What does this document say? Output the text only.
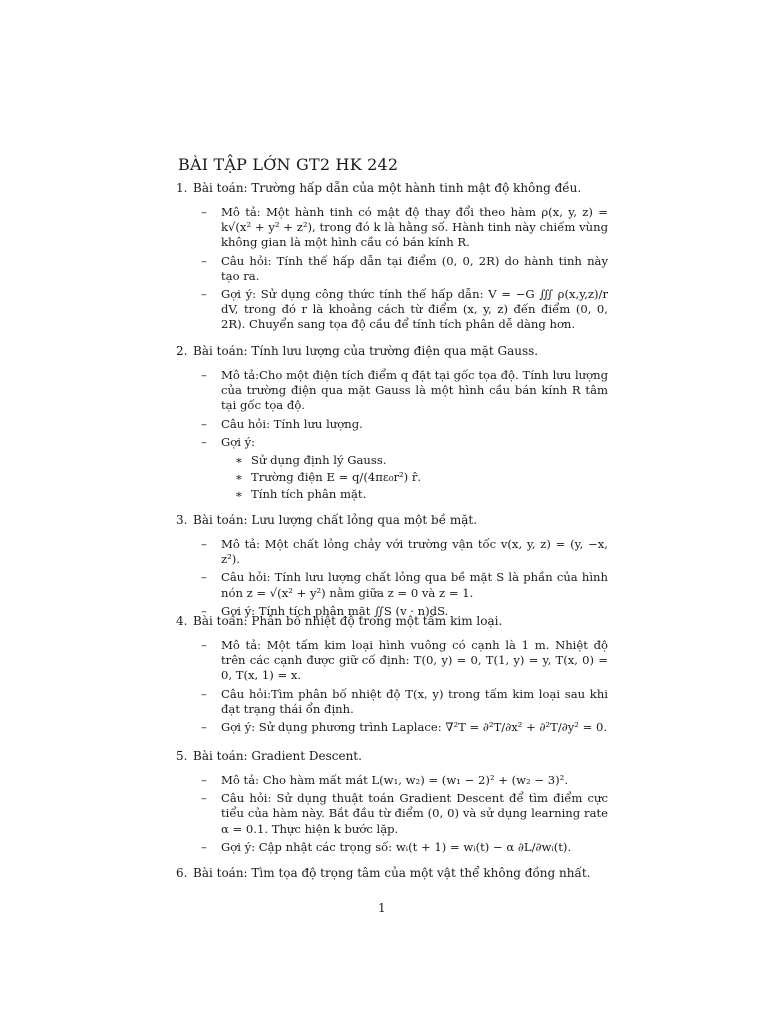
BÀI TẬP LỚN GT2 HK 242
1. Bài toán: Trường hấp dẫn của một hành tinh mật độ không đều.
– Mô tả: Một hành tinh có mật độ thay đổi theo hàm ρ(x, y, z) = k√(x² + y² + z²), trong đó k là hằng số. Hành tinh này chiếm vùng không gian là một hình cầu có bán kính R.
– Câu hỏi: Tính thế hấp dẫn tại điểm (0, 0, 2R) do hành tinh này tạo ra.
– Gợi ý: Sử dụng công thức tính thế hấp dẫn: V = −G ∭ ρ(x,y,z)/r dV, trong đó r là khoảng cách từ điểm (x, y, z) đến điểm (0, 0, 2R). Chuyển sang tọa độ cầu để tính tích phân dễ dàng hơn.
2. Bài toán: Tính lưu lượng của trường điện qua mặt Gauss.
– Mô tả:Cho một điện tích điểm q đặt tại gốc tọa độ. Tính lưu lượng của trường điện qua mặt Gauss là một hình cầu bán kính R tâm tại gốc tọa độ.
– Câu hỏi: Tính lưu lượng.
– Gợi ý:
∗ Sử dụng định lý Gauss.
∗ Trường điện E = q/(4πε₀r²) r̂.
∗ Tính tích phân mặt.
3. Bài toán: Lưu lượng chất lỏng qua một bề mặt.
– Mô tả: Một chất lỏng chảy với trường vận tốc v(x, y, z) = (y, −x, z²).
– Câu hỏi: Tính lưu lượng chất lỏng qua bề mặt S là phần của hình nón z = √(x² + y²) nằm giữa z = 0 và z = 1.
– Gợi ý: Tính tích phân mặt ∬S (v · n)dS.
4. Bài toán: Phân bố nhiệt độ trong một tấm kim loại.
– Mô tả: Một tấm kim loại hình vuông có cạnh là 1 m. Nhiệt độ trên các cạnh được giữ cố định: T(0, y) = 0, T(1, y) = y, T(x, 0) = 0, T(x, 1) = x.
– Câu hỏi:Tìm phân bố nhiệt độ T(x, y) trong tấm kim loại sau khi đạt trạng thái ổn định.
– Gợi ý: Sử dụng phương trình Laplace: ∇²T = ∂²T/∂x² + ∂²T/∂y² = 0.
5. Bài toán: Gradient Descent.
– Mô tả: Cho hàm mất mát L(w₁, w₂) = (w₁ − 2)² + (w₂ − 3)².
– Câu hỏi: Sử dụng thuật toán Gradient Descent để tìm điểm cực tiểu của hàm này. Bắt đầu từ điểm (0, 0) và sử dụng learning rate α = 0.1. Thực hiện k bước lặp.
– Gợi ý: Cập nhật các trọng số: wᵢ(t + 1) = wᵢ(t) − α ∂L/∂wᵢ(t).
6. Bài toán: Tìm tọa độ trọng tâm của một vật thể không đồng nhất.
1
